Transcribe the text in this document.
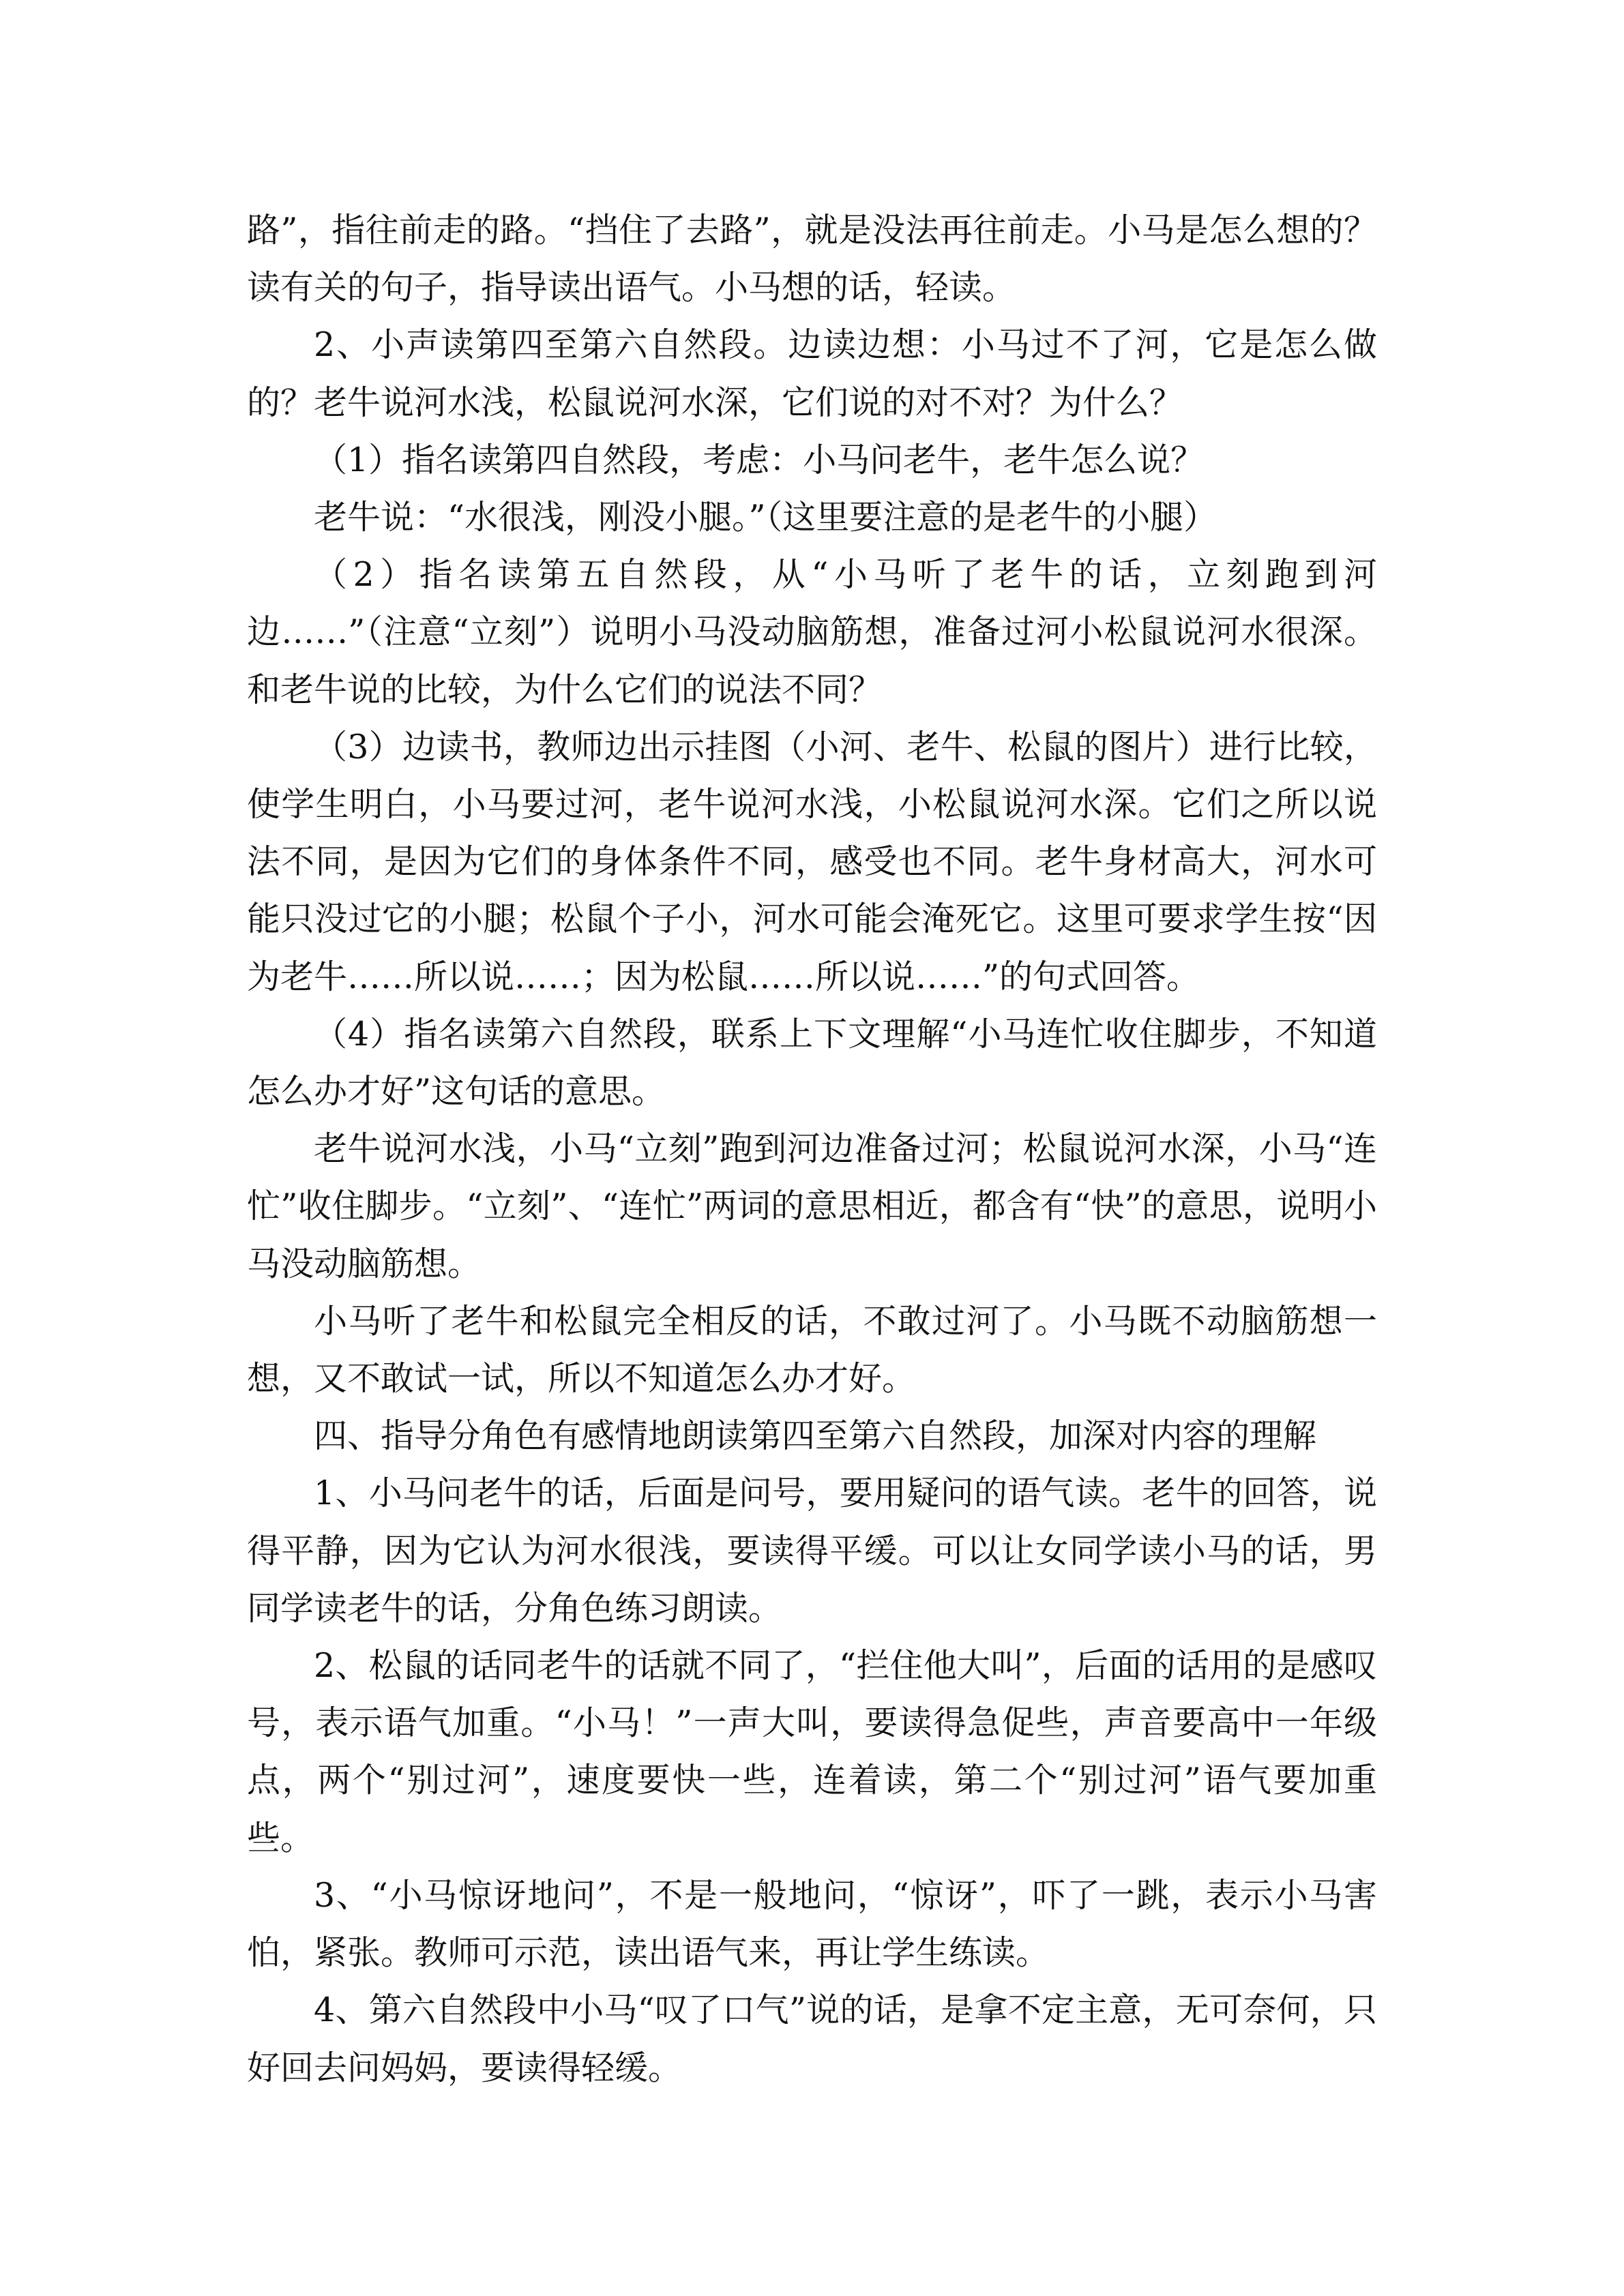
路”，指往前走的路。“挡住了去路”，就是没法再往前走。小马是怎么想的？读有关的句子，指导读出语气。小马想的话，轻读。

2、小声读第四至第六自然段。边读边想：小马过不了河，它是怎么做的？老牛说河水浅，松鼠说河水深，它们说的对不对？为什么？

（1）指名读第四自然段，考虑：小马问老牛，老牛怎么说？

老牛说：“水很浅，刚没小腿。”（这里要注意的是老牛的小腿）

（2）指名读第五自然段，从“小马听了老牛的话，立刻跑到河边……”（注意“立刻”）说明小马没动脑筋想，准备过河小松鼠说河水很深。和老牛说的比较，为什么它们的说法不同？

（3）边读书，教师边出示挂图（小河、老牛、松鼠的图片）进行比较，使学生明白，小马要过河，老牛说河水浅，小松鼠说河水深。它们之所以说法不同，是因为它们的身体条件不同，感受也不同。老牛身材高大，河水可能只没过它的小腿；松鼠个子小，河水可能会淹死它。这里可要求学生按“因为老牛……所以说……；因为松鼠……所以说……”的句式回答。

（4）指名读第六自然段，联系上下文理解“小马连忙收住脚步，不知道怎么办才好”这句话的意思。

老牛说河水浅，小马“立刻”跑到河边准备过河；松鼠说河水深，小马“连忙”收住脚步。“立刻”、“连忙”两词的意思相近，都含有“快”的意思，说明小马没动脑筋想。

小马听了老牛和松鼠完全相反的话，不敢过河了。小马既不动脑筋想一想，又不敢试一试，所以不知道怎么办才好。

四、指导分角色有感情地朗读第四至第六自然段，加深对内容的理解

1、小马问老牛的话，后面是问号，要用疑问的语气读。老牛的回答，说得平静，因为它认为河水很浅，要读得平缓。可以让女同学读小马的话，男同学读老牛的话，分角色练习朗读。

2、松鼠的话同老牛的话就不同了，“拦住他大叫”，后面的话用的是感叹号，表示语气加重。“小马！”一声大叫，要读得急促些，声音要高中一年级点，两个“别过河”，速度要快一些，连着读，第二个“别过河”语气要加重些。

3、“小马惊讶地问”，不是一般地问，“惊讶”，吓了一跳，表示小马害怕，紧张。教师可示范，读出语气来，再让学生练读。

4、第六自然段中小马“叹了口气”说的话，是拿不定主意，无可奈何，只好回去问妈妈，要读得轻缓。
